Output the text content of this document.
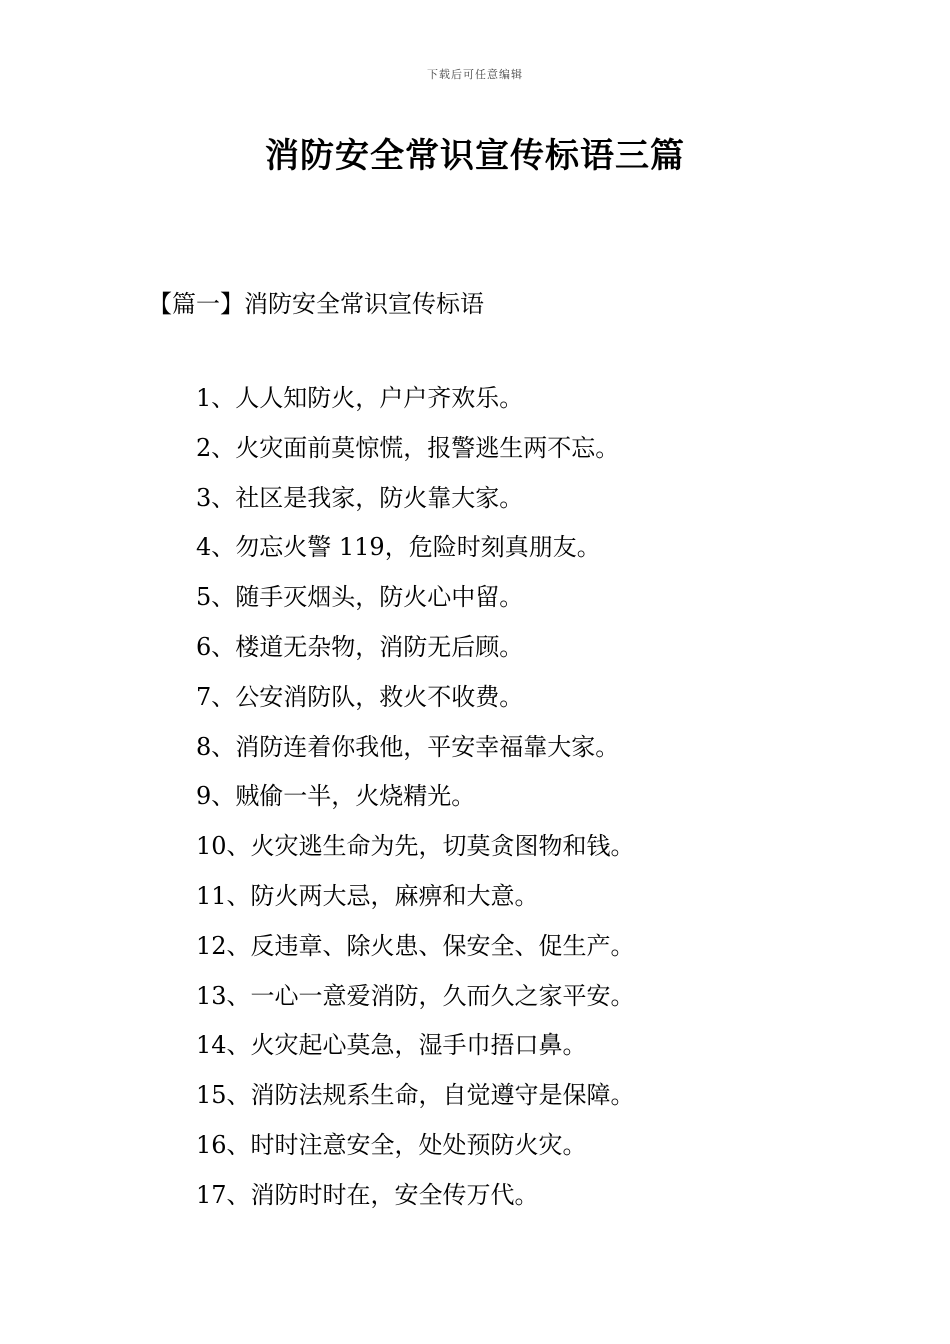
下载后可任意编辑
消防安全常识宣传标语三篇
【篇一】消防安全常识宣传标语
1、人人知防火，户户齐欢乐。
2、火灾面前莫惊慌，报警逃生两不忘。
3、社区是我家，防火靠大家。
4、勿忘火警 119，危险时刻真朋友。
5、随手灭烟头，防火心中留。
6、楼道无杂物，消防无后顾。
7、公安消防队，救火不收费。
8、消防连着你我他，平安幸福靠大家。
9、贼偷一半，火烧精光。
10、火灾逃生命为先，切莫贪图物和钱。
11、防火两大忌，麻痹和大意。
12、反违章、除火患、保安全、促生产。
13、一心一意爱消防，久而久之家平安。
14、火灾起心莫急，湿手巾捂口鼻。
15、消防法规系生命，自觉遵守是保障。
16、时时注意安全，处处预防火灾。
17、消防时时在，安全传万代。
